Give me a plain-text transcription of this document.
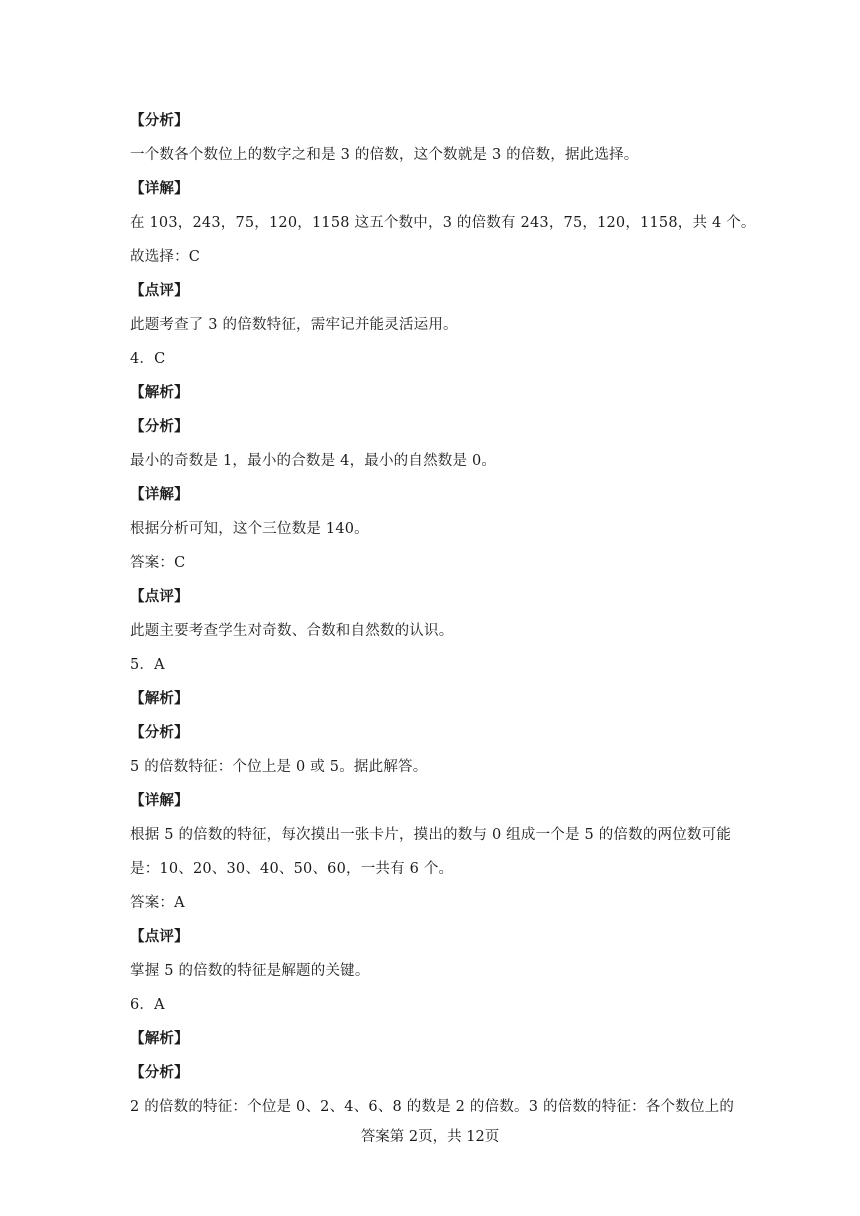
【分析】
一个数各个数位上的数字之和是 3 的倍数，这个数就是 3 的倍数，据此选择。
【详解】
在 103，243，75，120，1158 这五个数中，3 的倍数有 243，75，120，1158，共 4 个。
故选择：C
【点评】
此题考查了 3 的倍数特征，需牢记并能灵活运用。
4．C
【解析】
【分析】
最小的奇数是 1，最小的合数是 4，最小的自然数是 0。
【详解】
根据分析可知，这个三位数是 140。
答案：C
【点评】
此题主要考查学生对奇数、合数和自然数的认识。
5．A
【解析】
【分析】
5 的倍数特征：个位上是 0 或 5。据此解答。
【详解】
根据 5 的倍数的特征，每次摸出一张卡片，摸出的数与 0 组成一个是 5 的倍数的两位数可能
是：10、20、30、40、50、60，一共有 6 个。
答案：A
【点评】
掌握 5 的倍数的特征是解题的关键。
6．A
【解析】
【分析】
2 的倍数的特征：个位是 0、2、4、6、8 的数是 2 的倍数。3 的倍数的特征：各个数位上的
答案第 2页，共 12页
